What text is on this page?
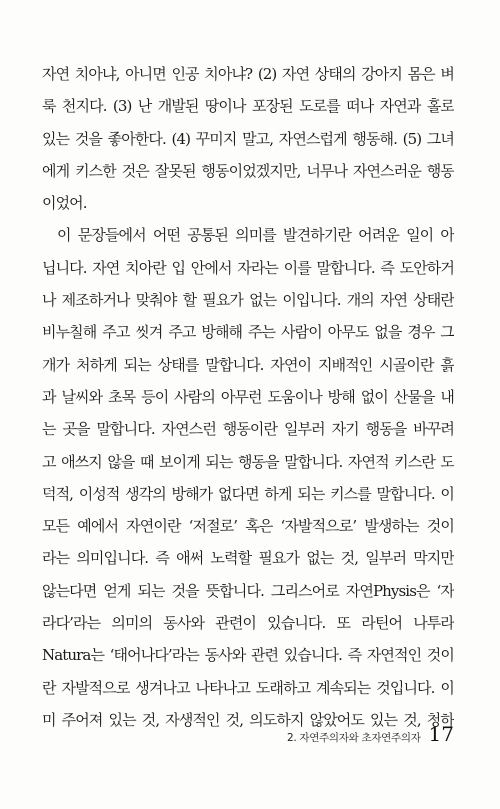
자연 치아냐, 아니면 인공 치아냐? (2) 자연 상태의 강아지 몸은 벼
룩 천지다. (3) 난 개발된 땅이나 포장된 도로를 떠나 자연과 홀로
있는 것을 좋아한다. (4) 꾸미지 말고, 자연스럽게 행동해. (5) 그녀
에게 키스한 것은 잘못된 행동이었겠지만, 너무나 자연스러운 행동
이었어.
이 문장들에서 어떤 공통된 의미를 발견하기란 어려운 일이 아
닙니다. 자연 치아란 입 안에서 자라는 이를 말합니다. 즉 도안하거
나 제조하거나 맞춰야 할 필요가 없는 이입니다. 개의 자연 상태란
비누칠해 주고 씻겨 주고 방해해 주는 사람이 아무도 없을 경우 그
개가 처하게 되는 상태를 말합니다. 자연이 지배적인 시골이란 흙
과 날씨와 초목 등이 사람의 아무런 도움이나 방해 없이 산물을 내
는 곳을 말합니다. 자연스런 행동이란 일부러 자기 행동을 바꾸려
고 애쓰지 않을 때 보이게 되는 행동을 말합니다. 자연적 키스란 도
덕적, 이성적 생각의 방해가 없다면 하게 되는 키스를 말합니다. 이
모든 예에서 자연이란 ‘저절로’ 혹은 ‘자발적으로’ 발생하는 것이
라는 의미입니다. 즉 애써 노력할 필요가 없는 것, 일부러 막지만
않는다면 얻게 되는 것을 뜻합니다. 그리스어로 자연Physis은 ‘자
라다’라는 의미의 동사와 관련이 있습니다. 또 라틴어 나투라
Natura는 ‘태어나다’라는 동사와 관련 있습니다. 즉 자연적인 것이
란 자발적으로 생겨나고 나타나고 도래하고 계속되는 것입니다. 이
미 주어져 있는 것, 자생적인 것, 의도하지 않았어도 있는 것, 청하
2. 자연주의자와 초자연주의자 17
